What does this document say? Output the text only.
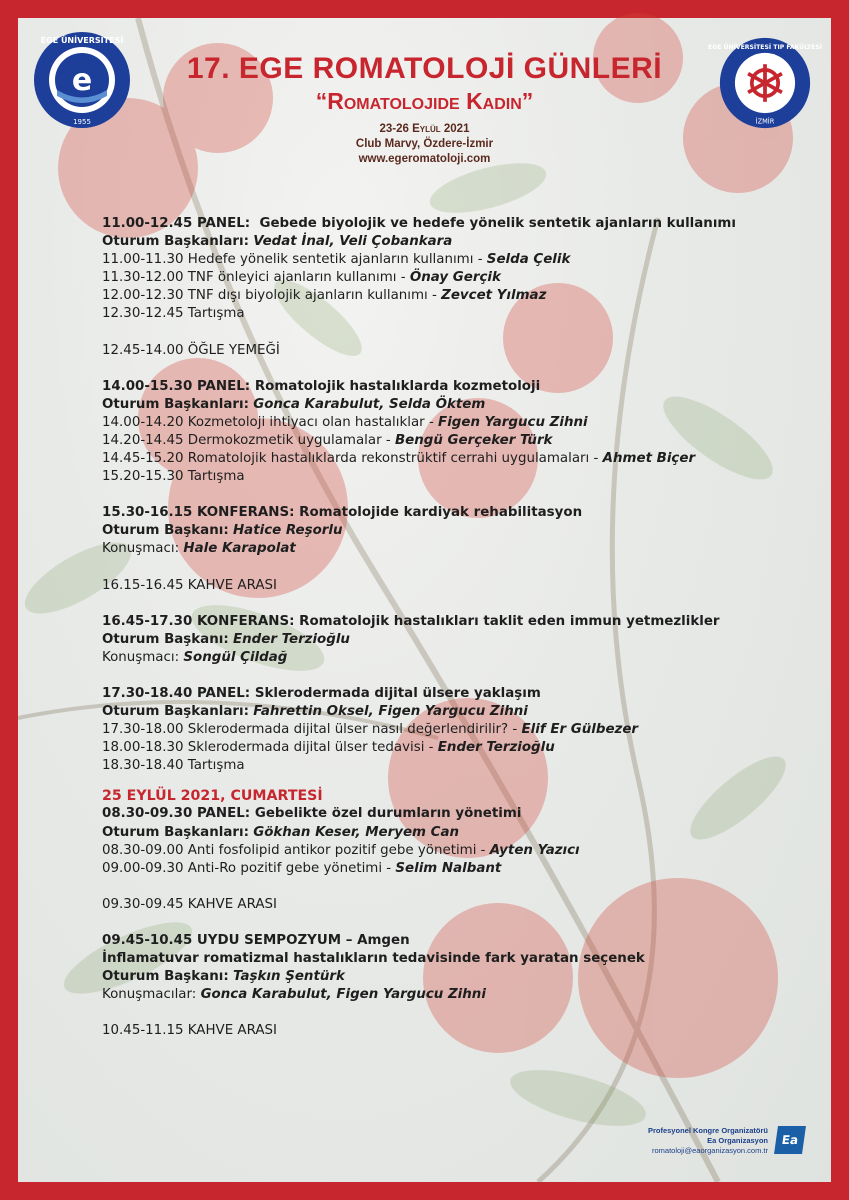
e
EGE ÜNİVERSİTESİ
1955
17. EGE ROMATOLOJİ GÜNLERİ
“Romatolojide Kadın”
23-26 Eylül 2021
Club Marvy, Özdere-İzmir
www.egeromatoloji.com
EGE ÜNİVERSİTESİ TIP FAKÜLTESİ
İZMİR
11.00-12.45 PANEL: Gebede biyolojik ve hedefe yönelik sentetik ajanların kullanımı
Oturum Başkanları: Vedat İnal, Veli Çobankara
11.00-11.30 Hedefe yönelik sentetik ajanların kullanımı - Selda Çelik
11.30-12.00 TNF önleyici ajanların kullanımı - Önay Gerçik
12.00-12.30 TNF dışı biyolojik ajanların kullanımı - Zevcet Yılmaz
12.30-12.45 Tartışma
12.45-14.00 ÖĞLE YEMEĞİ
14.00-15.30 PANEL: Romatolojik hastalıklarda kozmetoloji
Oturum Başkanları: Gonca Karabulut, Selda Öktem
14.00-14.20 Kozmetoloji ihtiyacı olan hastalıklar - Figen Yargucu Zihni
14.20-14.45 Dermokozmetik uygulamalar - Bengü Gerçeker Türk
14.45-15.20 Romatolojik hastalıklarda rekonstrüktif cerrahi uygulamaları - Ahmet Biçer
15.20-15.30 Tartışma
15.30-16.15 KONFERANS: Romatolojide kardiyak rehabilitasyon
Oturum Başkanı: Hatice Reşorlu
Konuşmacı: Hale Karapolat
16.15-16.45 KAHVE ARASI
16.45-17.30 KONFERANS: Romatolojik hastalıkları taklit eden immun yetmezlikler
Oturum Başkanı: Ender Terzioğlu
Konuşmacı: Songül Çildağ
17.30-18.40 PANEL: Sklerodermada dijital ülsere yaklaşım
Oturum Başkanları: Fahrettin Oksel, Figen Yargucu Zihni
17.30-18.00 Sklerodermada dijital ülser nasıl değerlendirilir? - Elif Er Gülbezer
18.00-18.30 Sklerodermada dijital ülser tedavisi - Ender Terzioğlu
18.30-18.40 Tartışma
25 EYLÜL 2021, CUMARTESİ
08.30-09.30 PANEL: Gebelikte özel durumların yönetimi
Oturum Başkanları: Gökhan Keser, Meryem Can
08.30-09.00 Anti fosfolipid antikor pozitif gebe yönetimi - Ayten Yazıcı
09.00-09.30 Anti-Ro pozitif gebe yönetimi - Selim Nalbant
09.30-09.45 KAHVE ARASI
09.45-10.45 UYDU SEMPOZYUM – Amgen
İnflamatuvar romatizmal hastalıkların tedavisinde fark yaratan seçenek
Oturum Başkanı: Taşkın Şentürk
Konuşmacılar: Gonca Karabulut, Figen Yargucu Zihni
10.45-11.15 KAHVE ARASI
Profesyonel Kongre Organizatörü
Ea Organizasyon
romatoloji@eaorganizasyon.com.tr
Ea
